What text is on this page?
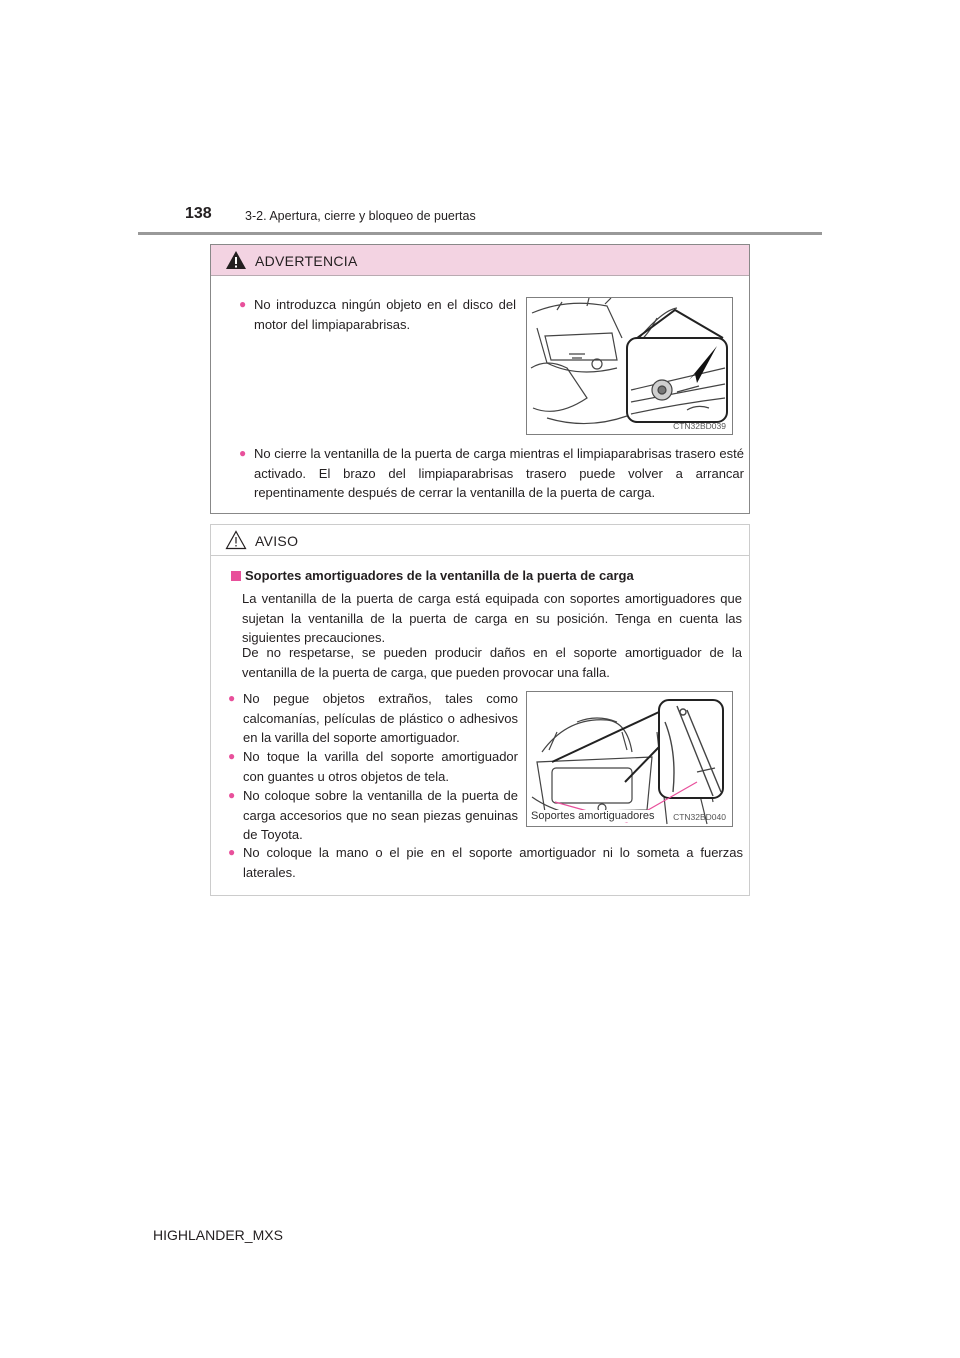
138	3-2. Apertura, cierre y bloqueo de puertas
ADVERTENCIA
● No introduzca ningún objeto en el disco del motor del limpiaparabrisas.
CTN32BD039
● No cierre la ventanilla de la puerta de carga mientras el limpiaparabrisas trasero esté activado. El brazo del limpiaparabrisas trasero puede volver a arrancar repentinamente después de cerrar la ventanilla de la puerta de carga.
AVISO
Soportes amortiguadores de la ventanilla de la puerta de carga
La ventanilla de la puerta de carga está equipada con soportes amortiguadores que sujetan la ventanilla de la puerta de carga en su posición. Tenga en cuenta las siguientes precauciones.
De no respetarse, se pueden producir daños en el soporte amortiguador de la ventanilla de la puerta de carga, que pueden provocar una falla.
● No pegue objetos extraños, tales como calcomanías, películas de plástico o adhesivos en la varilla del soporte amortiguador.
● No toque la varilla del soporte amortiguador con guantes u otros objetos de tela.
● No coloque sobre la ventanilla de la puerta de carga accesorios que no sean piezas genuinas de Toyota.
Soportes amortiguadores CTN32BD040
● No coloque la mano o el pie en el soporte amortiguador ni lo someta a fuerzas laterales.
HIGHLANDER_MXS
